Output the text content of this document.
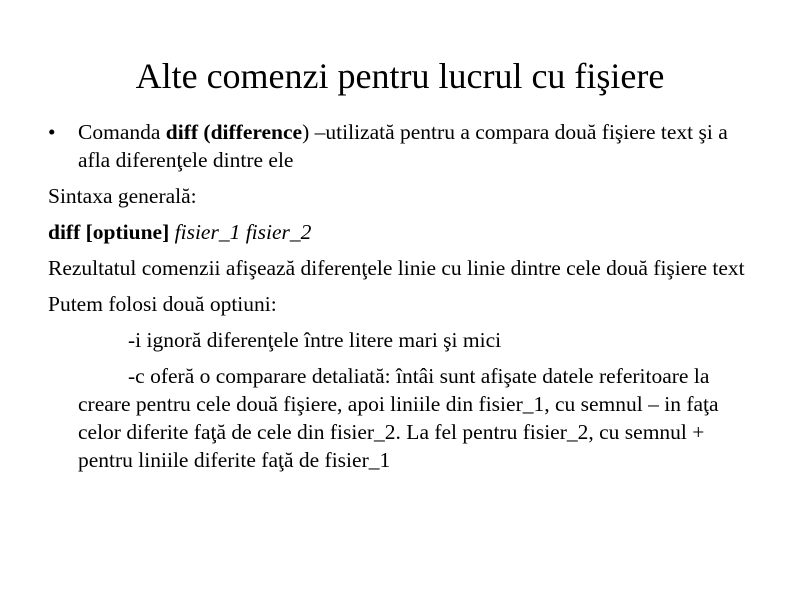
Alte comenzi pentru lucrul cu fişiere
•	Comanda diff (difference) –utilizată pentru a compara două fişiere text şi a afla diferenţele dintre ele
Sintaxa generală:
diff [optiune] fisier_1 fisier_2
Rezultatul comenzii afişează diferenţele linie cu linie dintre cele două fişiere text
Putem folosi două optiuni:
-i ignoră diferenţele între litere mari şi mici
-c oferă o comparare detaliată: întâi sunt afişate datele referitoare la creare pentru cele două fişiere, apoi liniile din fisier_1, cu semnul – in faţa celor diferite faţă de cele din fisier_2. La fel pentru fisier_2, cu semnul + pentru liniile diferite faţă de fisier_1
